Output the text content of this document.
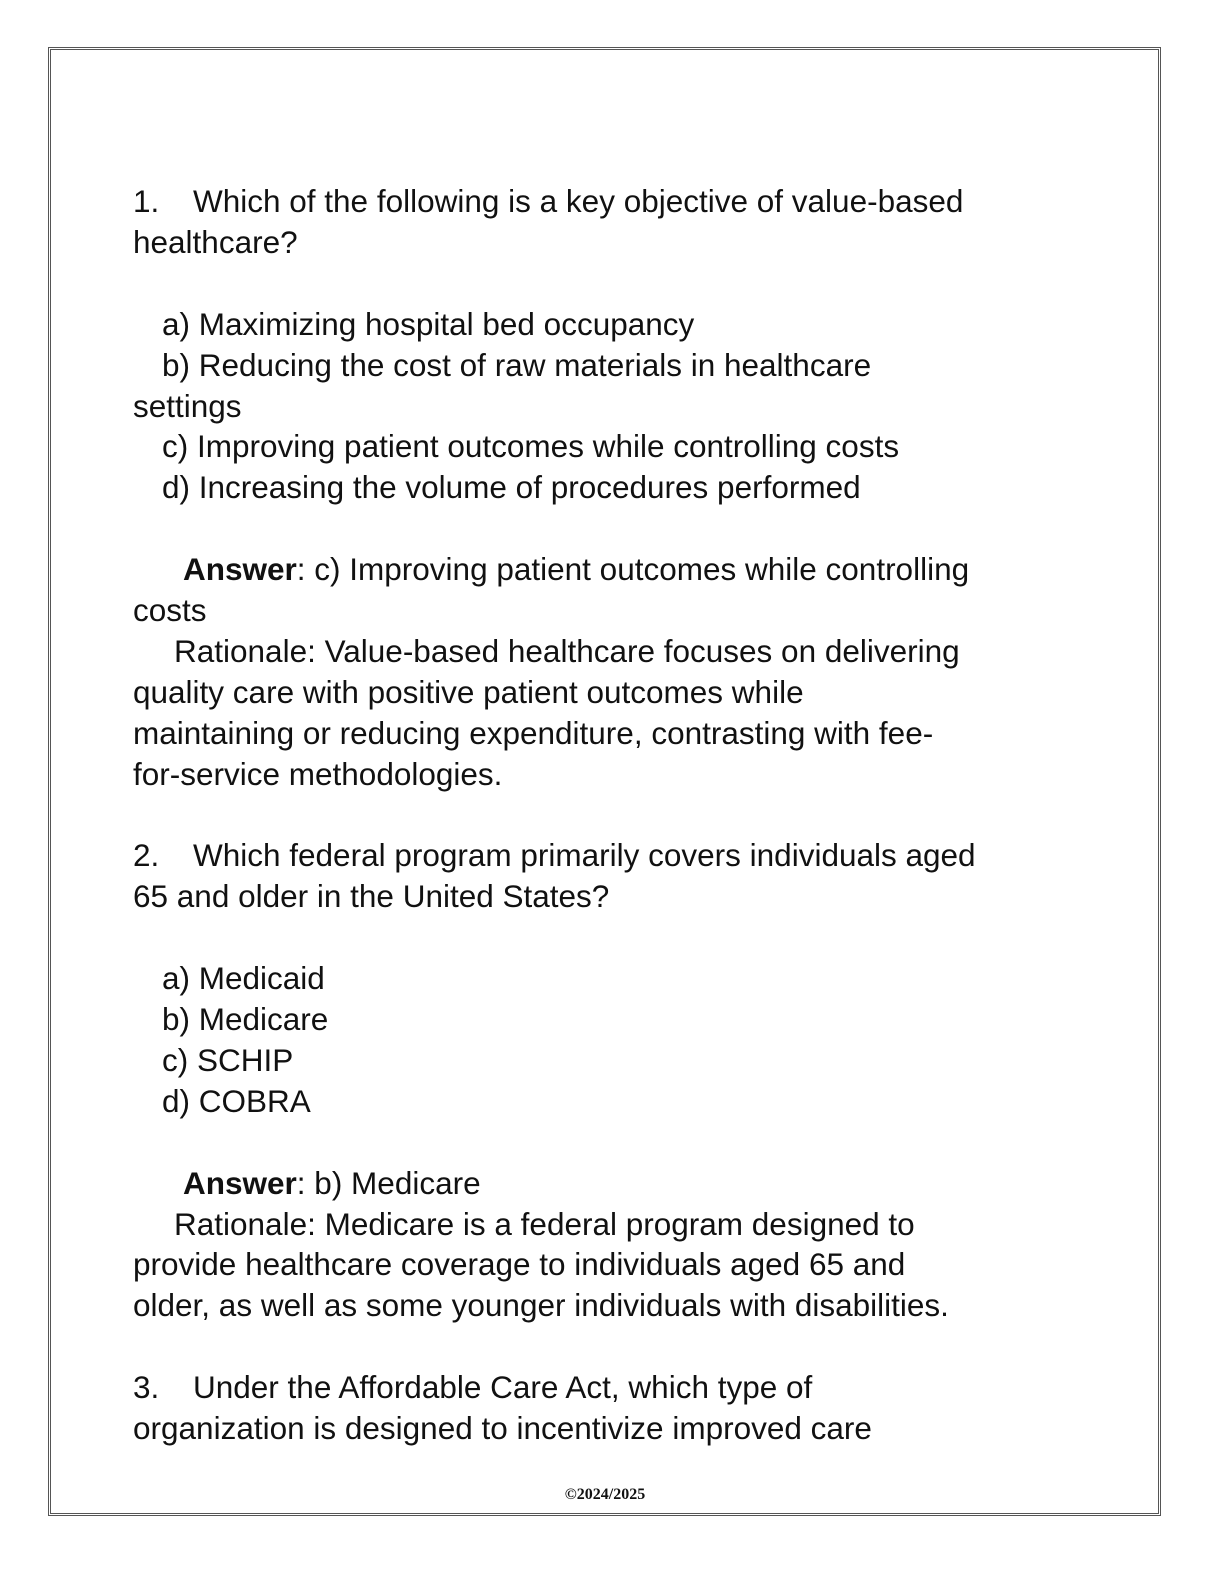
1. Which of the following is a key objective of value-based

healthcare?

a) Maximizing hospital bed occupancy

b) Reducing the cost of raw materials in healthcare

settings

c) Improving patient outcomes while controlling costs

d) Increasing the volume of procedures performed

Answer: c) Improving patient outcomes while controlling

costs

Rationale: Value-based healthcare focuses on delivering

quality care with positive patient outcomes while

maintaining or reducing expenditure, contrasting with fee-

for-service methodologies.

2. Which federal program primarily covers individuals aged

65 and older in the United States?

a) Medicaid

b) Medicare

c) SCHIP

d) COBRA

Answer: b) Medicare

Rationale: Medicare is a federal program designed to

provide healthcare coverage to individuals aged 65 and

older, as well as some younger individuals with disabilities.

3. Under the Affordable Care Act, which type of

organization is designed to incentivize improved care

©2024/2025
